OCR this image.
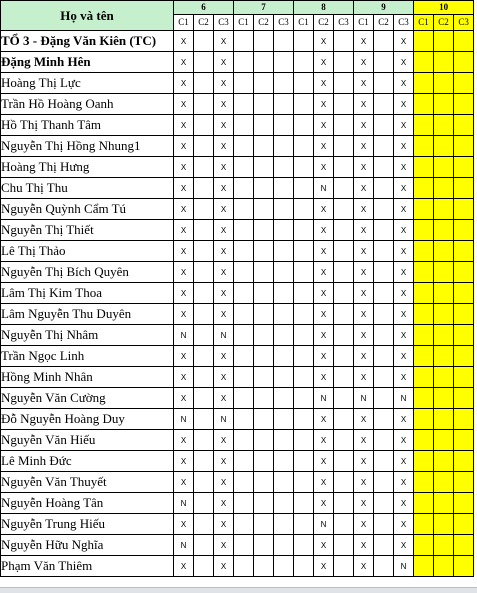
Họ và tên	6			7			8			9			10		
	C1	C2	C3	C1	C2	C3	C1	C2	C3	C1	C2	C3	C1	C2	C3
TỔ 3 - Đặng Văn Kiên (TC)	X		X					X		X		X			
Đặng Minh Hên	X		X					X		X		X			
Hoàng Thị Lực	X		X					X		X		X			
Trần Hồ Hoàng Oanh	X		X					X		X		X			
Hồ Thị Thanh Tâm	X		X					X		X		X			
Nguyễn Thị Hồng Nhung1	X		X					X		X		X			
Hoàng Thị Hưng	X		X					X		X		X			
Chu Thị Thu	X		X					N		X		X			
Nguyễn Quỳnh Cẩm Tú	X		X					X		X		X			
Nguyễn Thị Thiết	X		X					X		X		X			
Lê Thị Thảo	X		X					X		X		X			
Nguyễn Thị Bích Quyên	X		X					X		X		X			
Lâm Thị Kim Thoa	X		X					X		X		X			
Lâm Nguyễn Thu Duyên	X		X					X		X		X			
Nguyễn Thị Nhâm	N		N					X		X		X			
Trần Ngọc Linh	X		X					X		X		X			
Hồng Minh Nhân	X		X					X		X		X			
Nguyễn Văn Cường	X		X					N		N		N			
Đỗ Nguyễn Hoàng Duy	N		N					X		X		X			
Nguyễn Văn Hiếu	X		X					X		X		X			
Lê Minh Đức	X		X					X		X		X			
Nguyễn Văn Thuyết	X		X					X		X		X			
Nguyễn Hoàng Tân	N		X					X		X		X			
Nguyễn Trung Hiếu	X		X					N		X		X			
Nguyễn Hữu Nghĩa	N		X					X		X		X			
Phạm Văn Thiêm	X		X					X		X		N			
